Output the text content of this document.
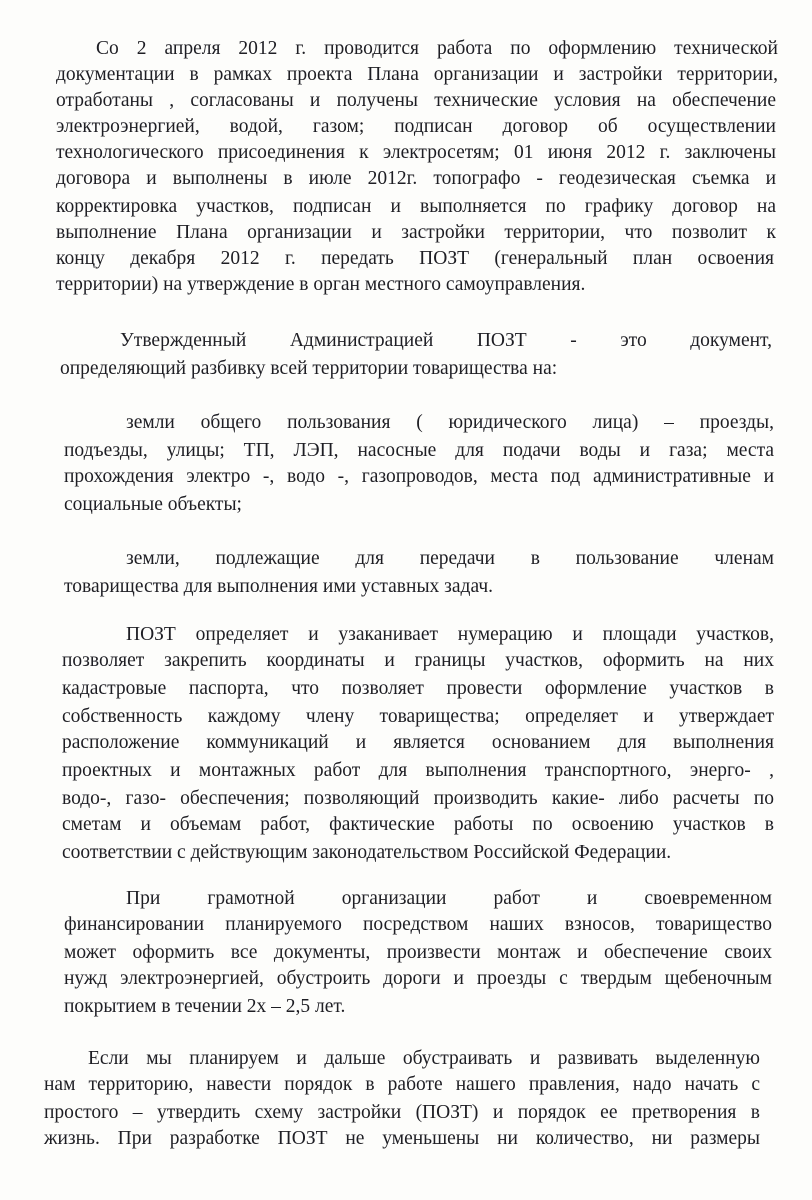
Со 2 апреля 2012 г. проводится работа по оформлению технической
документации в рамках проекта Плана организации и застройки территории,
отработаны , согласованы и получены технические условия на обеспечение
электроэнергией, водой, газом; подписан договор об осуществлении
технологического присоединения к электросетям; 01 июня 2012 г. заключены
договора и выполнены в июле 2012г. топографо - геодезическая съемка и
корректировка участков, подписан и выполняется по графику договор на
выполнение Плана организации и застройки территории, что позволит к
концу декабря 2012 г. передать ПОЗТ (генеральный план освоения
территории) на утверждение в орган местного самоуправления.
Утвержденный Администрацией ПОЗТ - это документ,
определяющий разбивку всей территории товарищества на:
земли общего пользования ( юридического лица) – проезды,
подъезды, улицы; ТП, ЛЭП, насосные для подачи воды и газа; места
прохождения электро -, водо -, газопроводов, места под административные и
социальные объекты;
земли, подлежащие для передачи в пользование членам
товарищества для выполнения ими уставных задач.
ПОЗТ определяет и узаканивает нумерацию и площади участков,
позволяет закрепить координаты и границы участков, оформить на них
кадастровые паспорта, что позволяет провести оформление участков в
собственность каждому члену товарищества; определяет и утверждает
расположение коммуникаций и является основанием для выполнения
проектных и монтажных работ для выполнения транспортного, энерго- ,
водо-, газо- обеспечения; позволяющий производить какие- либо расчеты по
сметам и объемам работ, фактические работы по освоению участков в
соответствии с действующим законодательством Российской Федерации.
При грамотной организации работ и своевременном
финансировании планируемого посредством наших взносов, товарищество
может оформить все документы, произвести монтаж и обеспечение своих
нужд электроэнергией, обустроить дороги и проезды с твердым щебеночным
покрытием в течении 2х – 2,5 лет.
Если мы планируем и дальше обустраивать и развивать выделенную
нам территорию, навести порядок в работе нашего правления, надо начать с
простого – утвердить схему застройки (ПОЗТ) и порядок ее претворения в
жизнь. При разработке ПОЗТ не уменьшены ни количество, ни размеры
